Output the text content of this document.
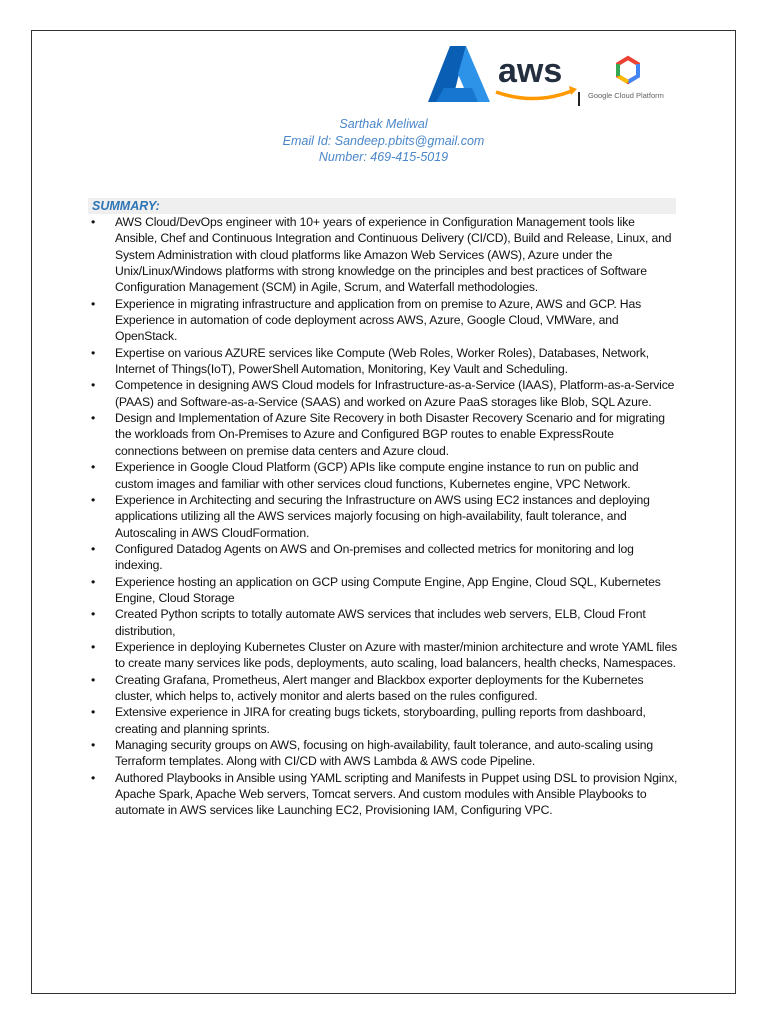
aws
Google Cloud Platform
Sarthak Meliwal
Email Id: Sandeep.pbits@gmail.com
Number: 469-415-5019
SUMMARY:
• AWS Cloud/DevOps engineer with 10+ years of experience in Configuration Management tools like Ansible, Chef and Continuous Integration and Continuous Delivery (CI/CD), Build and Release, Linux, and System Administration with cloud platforms like Amazon Web Services (AWS), Azure under the Unix/Linux/Windows platforms with strong knowledge on the principles and best practices of Software Configuration Management (SCM) in Agile, Scrum, and Waterfall methodologies.
• Experience in migrating infrastructure and application from on premise to Azure, AWS and GCP. Has Experience in automation of code deployment across AWS, Azure, Google Cloud, VMWare, and OpenStack.
• Expertise on various AZURE services like Compute (Web Roles, Worker Roles), Databases, Network, Internet of Things(IoT), PowerShell Automation, Monitoring, Key Vault and Scheduling.
• Competence in designing AWS Cloud models for Infrastructure-as-a-Service (IAAS), Platform-as-a-Service (PAAS) and Software-as-a-Service (SAAS) and worked on Azure PaaS storages like Blob, SQL Azure.
• Design and Implementation of Azure Site Recovery in both Disaster Recovery Scenario and for migrating the workloads from On-Premises to Azure and Configured BGP routes to enable ExpressRoute connections between on premise data centers and Azure cloud.
• Experience in Google Cloud Platform (GCP) APIs like compute engine instance to run on public and custom images and familiar with other services cloud functions, Kubernetes engine, VPC Network.
• Experience in Architecting and securing the Infrastructure on AWS using EC2 instances and deploying applications utilizing all the AWS services majorly focusing on high-availability, fault tolerance, and Autoscaling in AWS CloudFormation.
• Configured Datadog Agents on AWS and On-premises and collected metrics for monitoring and log indexing.
• Experience hosting an application on GCP using Compute Engine, App Engine, Cloud SQL, Kubernetes Engine, Cloud Storage
• Created Python scripts to totally automate AWS services that includes web servers, ELB, Cloud Front distribution,
• Experience in deploying Kubernetes Cluster on Azure with master/minion architecture and wrote YAML files to create many services like pods, deployments, auto scaling, load balancers, health checks, Namespaces.
• Creating Grafana, Prometheus, Alert manger and Blackbox exporter deployments for the Kubernetes cluster, which helps to, actively monitor and alerts based on the rules configured.
• Extensive experience in JIRA for creating bugs tickets, storyboarding, pulling reports from dashboard, creating and planning sprints.
• Managing security groups on AWS, focusing on high-availability, fault tolerance, and auto-scaling using Terraform templates. Along with CI/CD with AWS Lambda & AWS code Pipeline.
• Authored Playbooks in Ansible using YAML scripting and Manifests in Puppet using DSL to provision Nginx, Apache Spark, Apache Web servers, Tomcat servers. And custom modules with Ansible Playbooks to automate in AWS services like Launching EC2, Provisioning IAM, Configuring VPC.
